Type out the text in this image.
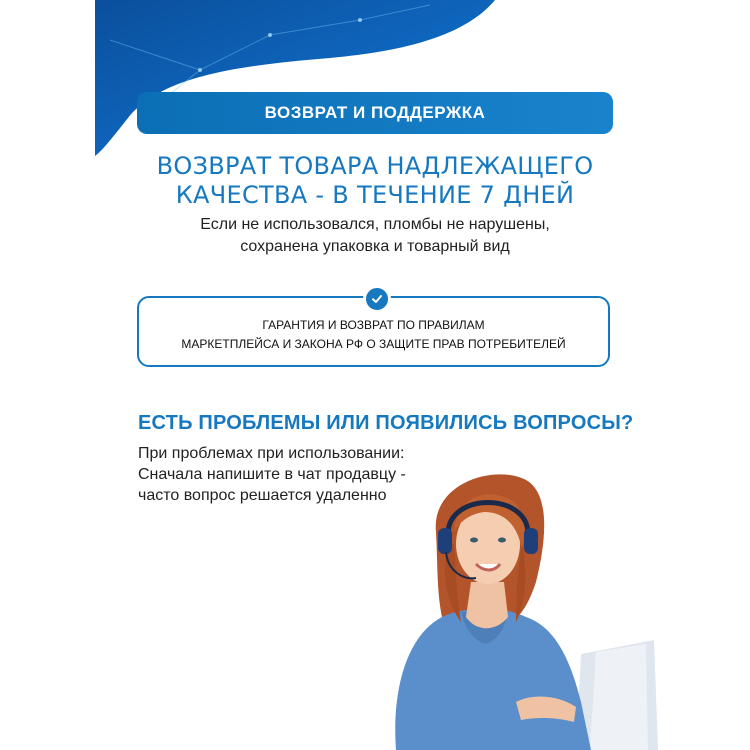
ВОЗВРАТ И ПОДДЕРЖКА
ВОЗВРАТ ТОВАРА НАДЛЕЖАЩЕГО
КАЧЕСТВА - В ТЕЧЕНИЕ 7 ДНЕЙ
Если не использовался, пломбы не нарушены,
сохранена упаковка и товарный вид
ГАРАНТИЯ И ВОЗВРАТ ПО ПРАВИЛАМ
МАРКЕТПЛЕЙСА И ЗАКОНА РФ О ЗАЩИТЕ ПРАВ ПОТРЕБИТЕЛЕЙ
ЕСТЬ ПРОБЛЕМЫ ИЛИ ПОЯВИЛИСЬ ВОПРОСЫ?
При проблемах при использовании:
Сначала напишите в чат продавцу -
часто вопрос решается удаленно
